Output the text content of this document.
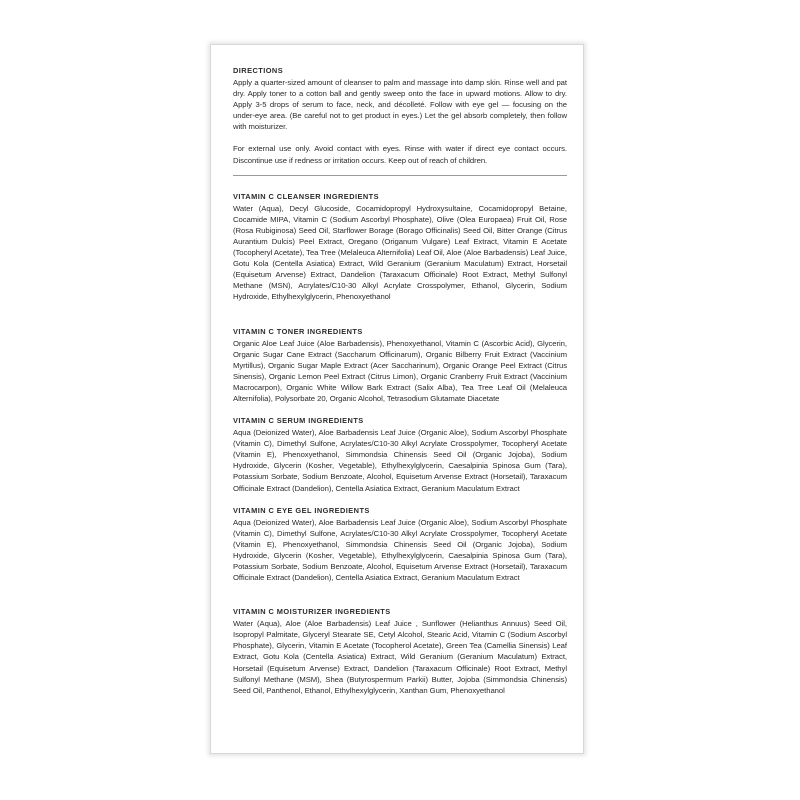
DIRECTIONS

Apply a quarter-sized amount of cleanser to palm and massage into damp skin. Rinse well and pat dry. Apply toner to a cotton ball and gently sweep onto the face in upward motions. Allow to dry. Apply 3-5 drops of serum to face, neck, and décolleté. Follow with eye gel — focusing on the under-eye area. (Be careful not to get product in eyes.) Let the gel absorb completely, then follow with moisturizer.

For external use only. Avoid contact with eyes. Rinse with water if direct eye contact occurs. Discontinue use if redness or irritation occurs. Keep out of reach of children.

VITAMIN C CLEANSER INGREDIENTS

Water (Aqua), Decyl Glucoside, Cocamidopropyl Hydroxysultaine, Cocamidopropyl Betaine, Cocamide MIPA, Vitamin C (Sodium Ascorbyl Phosphate), Olive (Olea Europaea) Fruit Oil, Rose (Rosa Rubiginosa) Seed Oil, Starflower Borage (Borago Officinalis) Seed Oil, Bitter Orange (Citrus Aurantium Dulcis) Peel Extract, Oregano (Origanum Vulgare) Leaf Extract, Vitamin E Acetate (Tocopheryl Acetate), Tea Tree (Melaleuca Alternifolia) Leaf Oil, Aloe (Aloe Barbadensis) Leaf Juice, Gotu Kola (Centella Asiatica) Extract, Wild Geranium (Geranium Maculatum) Extract, Horsetail (Equisetum Arvense) Extract, Dandelion (Taraxacum Officinale) Root Extract, Methyl Sulfonyl Methane (MSN), Acrylates/C10-30 Alkyl Acrylate Crosspolymer, Ethanol, Glycerin, Sodium Hydroxide, Ethylhexylglycerin, Phenoxyethanol

VITAMIN C TONER INGREDIENTS

Organic Aloe Leaf Juice (Aloe Barbadensis), Phenoxyethanol, Vitamin C (Ascorbic Acid), Glycerin, Organic Sugar Cane Extract (Saccharum Officinarum), Organic Bilberry Fruit Extract (Vaccinium Myrtillus), Organic Sugar Maple Extract (Acer Saccharinum), Organic Orange Peel Extract (Citrus Sinensis), Organic Lemon Peel Extract (Citrus Limon), Organic Cranberry Fruit Extract (Vaccinium Macrocarpon), Organic White Willow Bark Extract (Salix Alba), Tea Tree Leaf Oil (Melaleuca Alternifolia), Polysorbate 20, Organic Alcohol, Tetrasodium Glutamate Diacetate

VITAMIN C SERUM INGREDIENTS

Aqua (Deionized Water), Aloe Barbadensis Leaf Juice (Organic Aloe), Sodium Ascorbyl Phosphate (Vitamin C), Dimethyl Sulfone, Acrylates/C10-30 Alkyl Acrylate Crosspolymer, Tocopheryl Acetate (Vitamin E), Phenoxyethanol, Simmondsia Chinensis Seed Oil (Organic Jojoba), Sodium Hydroxide, Glycerin (Kosher, Vegetable), Ethylhexylglycerin, Caesalpinia Spinosa Gum (Tara), Potassium Sorbate, Sodium Benzoate, Alcohol, Equisetum Arvense Extract (Horsetail), Taraxacum Officinale Extract (Dandelion), Centella Asiatica Extract, Geranium Maculatum Extract

VITAMIN C EYE GEL INGREDIENTS

Aqua (Deionized Water), Aloe Barbadensis Leaf Juice (Organic Aloe), Sodium Ascorbyl Phosphate (Vitamin C), Dimethyl Sulfone, Acrylates/C10-30 Alkyl Acrylate Crosspolymer, Tocopheryl Acetate (Vitamin E), Phenoxyethanol, Simmondsia Chinensis Seed Oil (Organic Jojoba), Sodium Hydroxide, Glycerin (Kosher, Vegetable), Ethylhexylglycerin, Caesalpinia Spinosa Gum (Tara), Potassium Sorbate, Sodium Benzoate, Alcohol, Equisetum Arvense Extract (Horsetail), Taraxacum Officinale Extract (Dandelion), Centella Asiatica Extract, Geranium Maculatum Extract

VITAMIN C MOISTURIZER INGREDIENTS

Water (Aqua), Aloe (Aloe Barbadensis) Leaf Juice , Sunflower (Helianthus Annuus) Seed Oil, Isopropyl Palmitate, Glyceryl Stearate SE, Cetyl Alcohol, Stearic Acid, Vitamin C (Sodium Ascorbyl Phosphate), Glycerin, Vitamin E Acetate (Tocopherol Acetate), Green Tea (Camellia Sinensis) Leaf Extract, Gotu Kola (Centella Asiatica) Extract, Wild Geranium (Geranium Maculatum) Extract, Horsetail (Equisetum Arvense) Extract, Dandelion (Taraxacum Officinale) Root Extract, Methyl Sulfonyl Methane (MSM), Shea (Butyrospermum Parkii) Butter, Jojoba (Simmondsia Chinensis) Seed Oil, Panthenol, Ethanol, Ethylhexylglycerin, Xanthan Gum, Phenoxyethanol
